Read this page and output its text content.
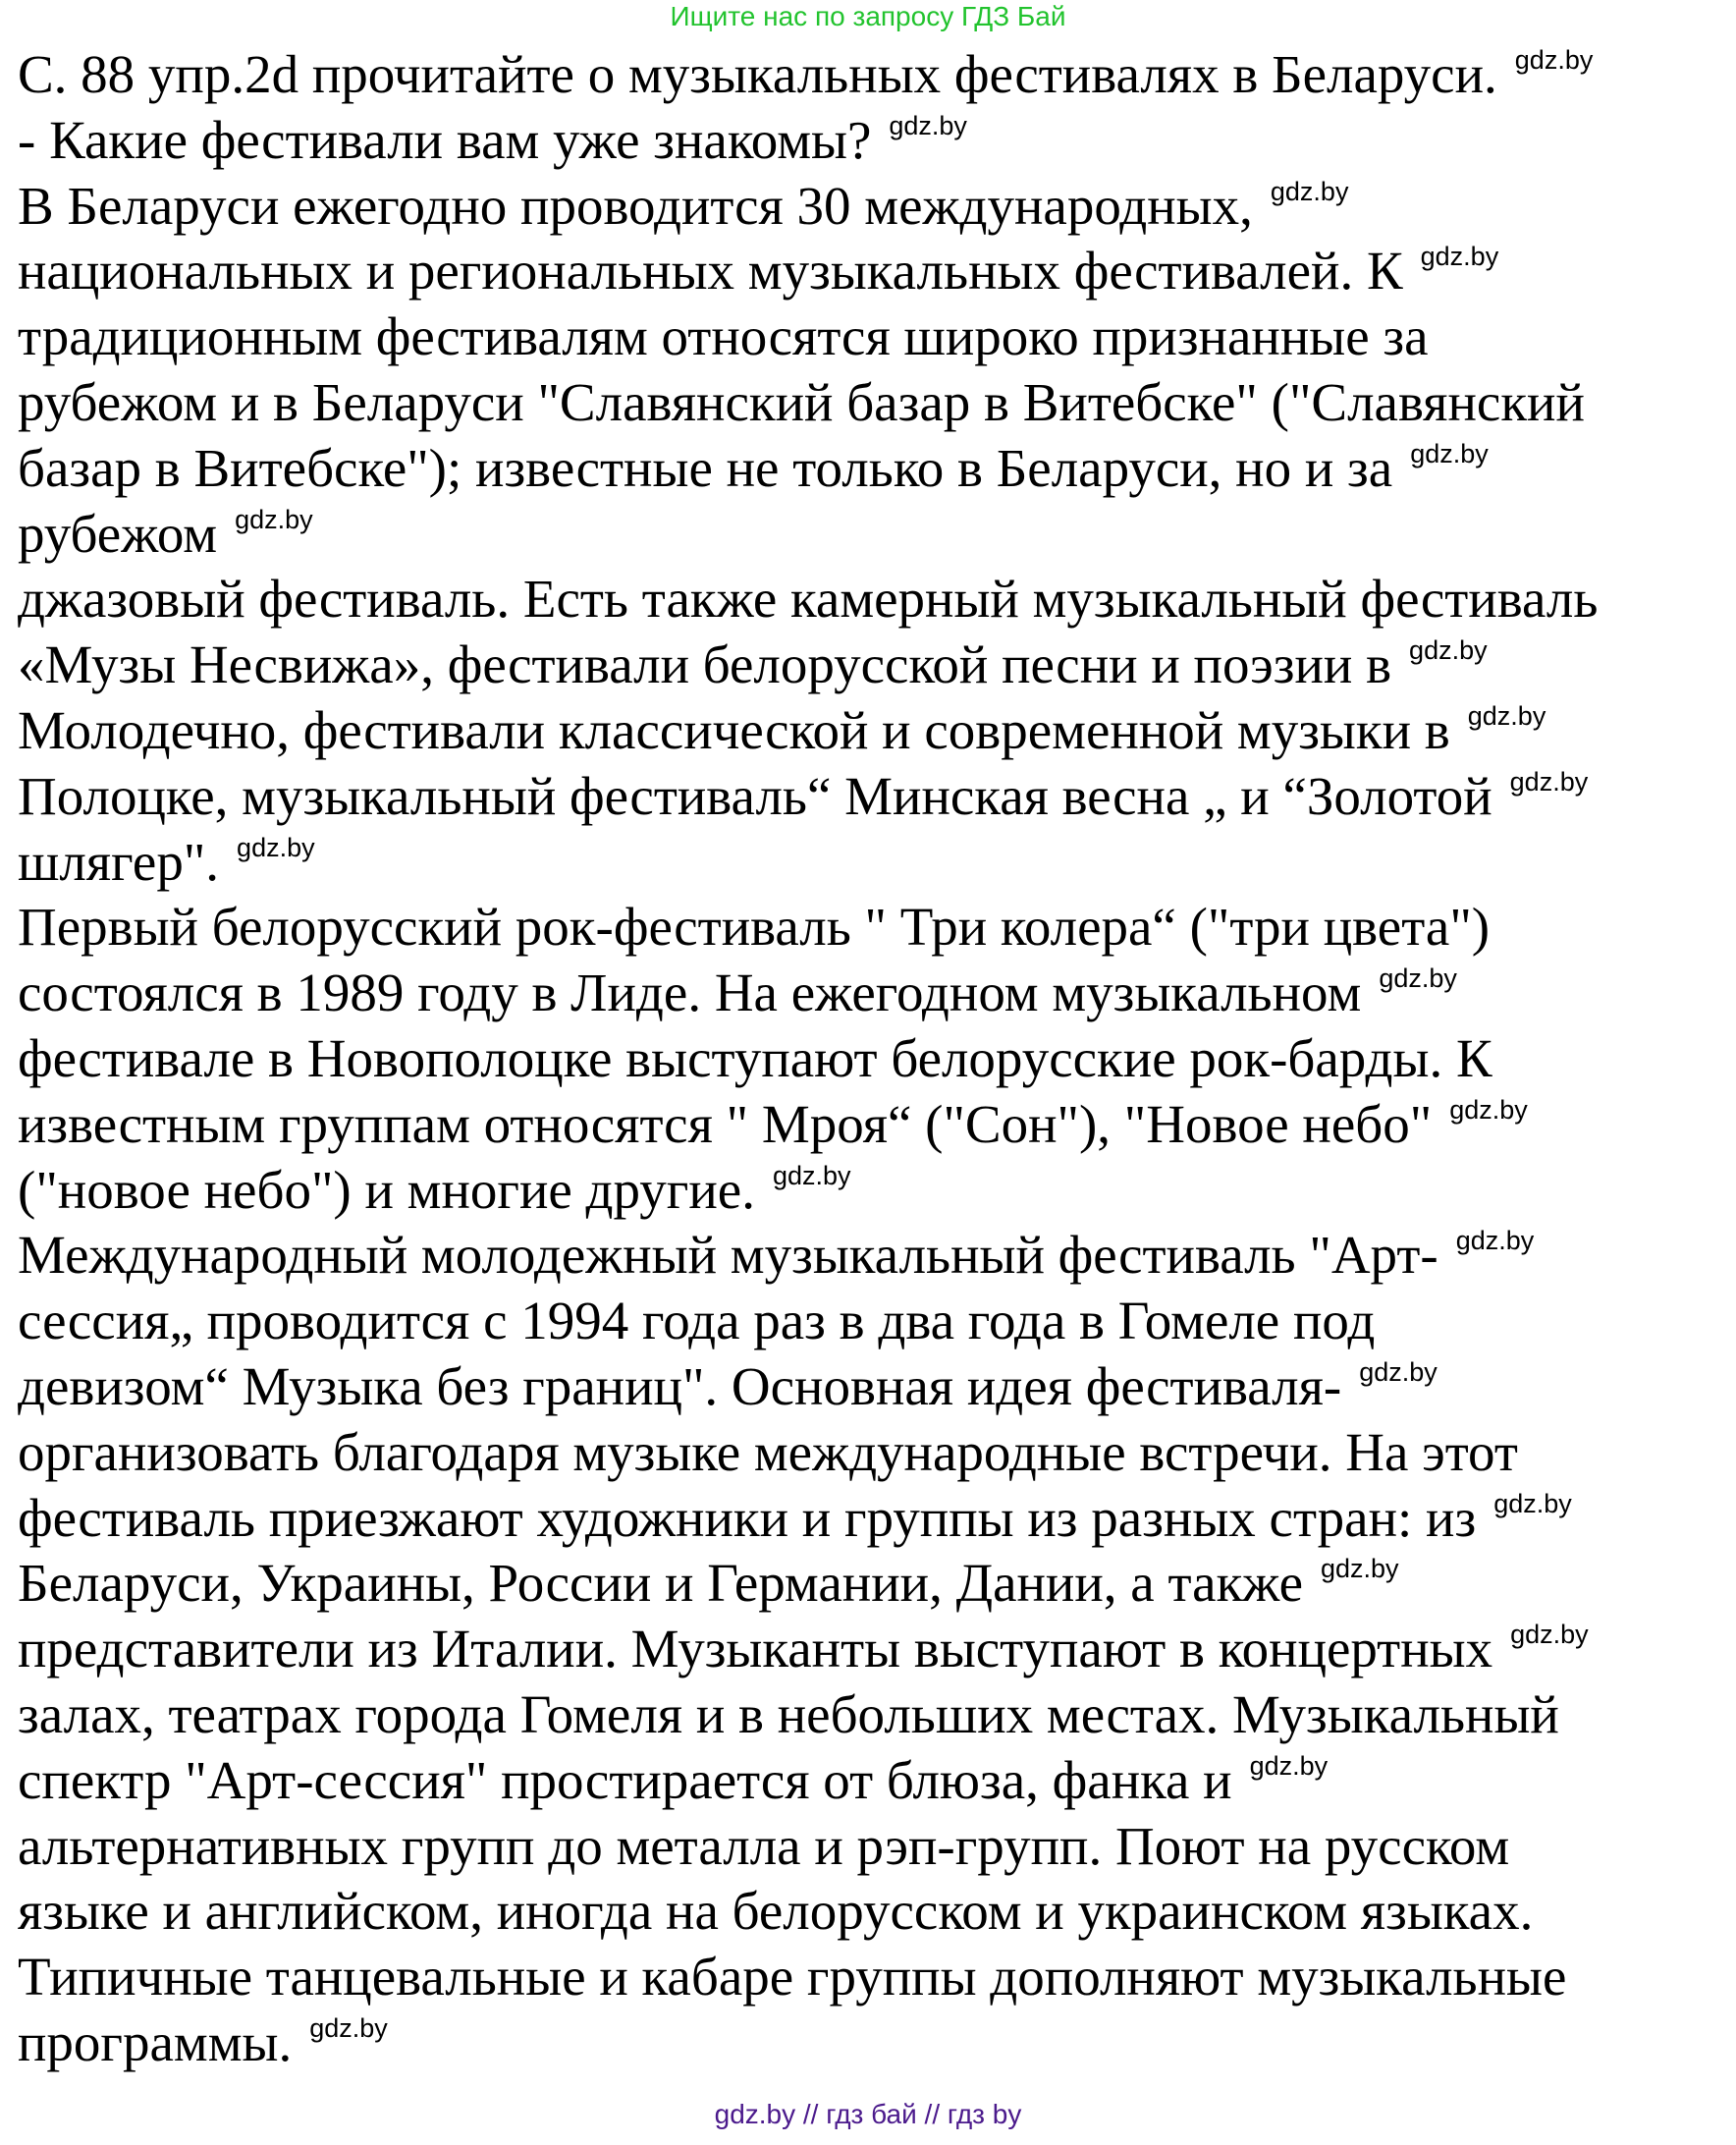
Ищите нас по запросу ГДЗ Бай
С. 88 упр.2d прочитайте о музыкальных фестивалях в Беларуси. $^{gdz.by}$
- Какие фестивали вам уже знакомы? $^{gdz.by}$
В Беларуси ежегодно проводится 30 международных, $^{gdz.by}$
национальных и региональных музыкальных фестивалей. К $^{gdz.by}$
традиционным фестивалям относятся широко признанные за
рубежом и в Беларуси "Славянский базар в Витебске" ("Славянский
базар в Витебске"); известные не только в Беларуси, но и за $^{gdz.by}$
рубежом $^{gdz.by}$
джазовый фестиваль. Есть также камерный музыкальный фестиваль
«Музы Несвижа», фестивали белорусской песни и поэзии в $^{gdz.by}$
Молодечно, фестивали классической и современной музыки в $^{gdz.by}$
Полоцке, музыкальный фестиваль“ Минская весна „ и “Золотой $^{gdz.by}$
шлягер". $^{gdz.by}$
Первый белорусский рок-фестиваль " Три колера“ ("три цвета")
состоялся в 1989 году в Лиде. На ежегодном музыкальном $^{gdz.by}$
фестивале в Новополоцке выступают белорусские рок-барды. К
известным группам относятся " Мроя“ ("Сон"), "Новое небо" $^{gdz.by}$
("новое небо") и многие другие. $^{gdz.by}$
Международный молодежный музыкальный фестиваль "Арт- $^{gdz.by}$
сессия„ проводится с 1994 года раз в два года в Гомеле под
девизом“ Музыка без границ". Основная идея фестиваля- $^{gdz.by}$
организовать благодаря музыке международные встречи. На этот
фестиваль приезжают художники и группы из разных стран: из $^{gdz.by}$
Беларуси, Украины, России и Германии, Дании, а также $^{gdz.by}$
представители из Италии. Музыканты выступают в концертных $^{gdz.by}$
залах, театрах города Гомеля и в небольших местах. Музыкальный
спектр "Арт-сессия" простирается от блюза, фанка и $^{gdz.by}$
альтернативных групп до металла и рэп-групп. Поют на русском
языке и английском, иногда на белорусском и украинском языках.
Типичные танцевальные и кабаре группы дополняют музыкальные
программы. $^{gdz.by}$
gdz.by // гдз бай // гдз by
